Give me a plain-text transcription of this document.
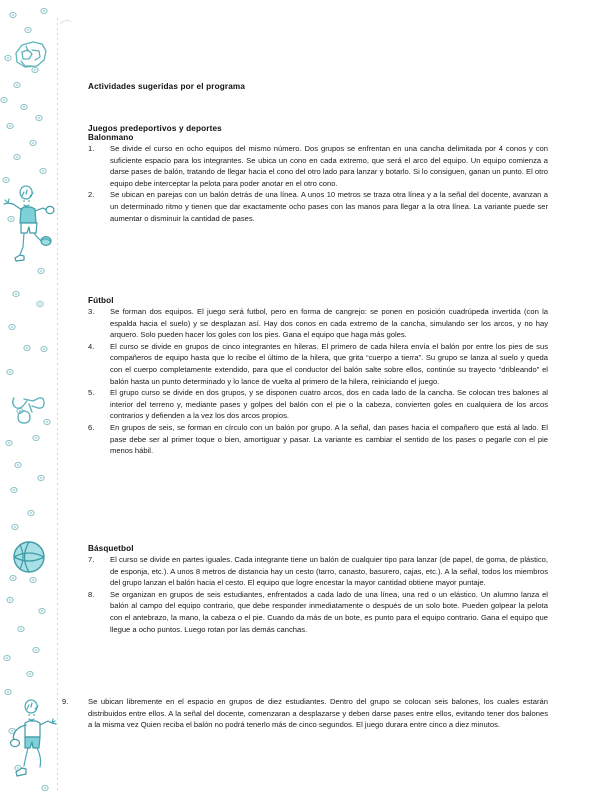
Actividades sugeridas por el programa
Juegos predeportivos y deportes
Balonmano
1.	Se divide el curso en ocho equipos del mismo número. Dos grupos se enfrentan en una cancha delimitada por 4 conos y con suficiente espacio para los integrantes. Se ubica un cono en cada extremo, que será el arco del equipo. Un equipo comienza a darse pases de balón, tratando de llegar hacia el cono del otro lado para lanzar y botarlo. Si lo consiguen, ganan un punto. El otro equipo debe interceptar la pelota para poder anotar en el otro cono.
2.	Se ubican en parejas con un balón detrás de una línea. A unos 10 metros se traza otra línea y a la señal del docente, avanzan a un determinado ritmo y tienen que dar exactamente ocho pases con las manos para llegar a la otra línea. La variante puede ser aumentar o disminuir la cantidad de pases.
Fútbol
3.	Se forman dos equipos. El juego será futbol, pero en forma de cangrejo: se ponen en posición cuadrúpeda invertida (con la espalda hacia el suelo) y se desplazan así. Hay dos conos en cada extremo de la cancha, simulando ser los arcos, y no hay arquero. Solo pueden hacer los goles con los pies. Gana el equipo que haga más goles.
4.	El curso se divide en grupos de cinco integrantes en hileras. El primero de cada hilera envía el balón por entre los pies de sus compañeros de equipo hasta que lo recibe el último de la hilera, que grita “cuerpo a tierra”. Su grupo se lanza al suelo y queda con el cuerpo completamente extendido, para que el conductor del balón salte sobre ellos, continúe su trayecto “dribleando” el balón hasta un punto determinado y lo lance de vuelta al primero de la hilera, reiniciando el juego.
5.	El grupo curso se divide en dos grupos, y se disponen cuatro arcos, dos en cada lado de la cancha. Se colocan tres balones al interior del terreno y, mediante pases y golpes del balón con el pie o la cabeza, convierten goles en cualquiera de los arcos contrarios y defienden a la vez los dos arcos propios.
6.	En grupos de seis, se forman en círculo con un balón por grupo. A la señal, dan pases hacia el compañero que está al lado. El pase debe ser al primer toque o bien, amortiguar y pasar. La variante es cambiar el sentido de los pases o pegarle con el pie menos hábil.
Básquetbol
7.	El curso se divide en partes iguales. Cada integrante tiene un balón de cualquier tipo para lanzar (de papel, de goma, de plástico, de esponja, etc.). A unos 8 metros de distancia hay un cesto (tarro, canasto, basurero, cajas, etc.). A la señal, todos los miembros del grupo lanzan el balón hacia el cesto. El equipo que logre encestar la mayor cantidad obtiene mayor puntaje.
8.	Se organizan en grupos de seis estudiantes, enfrentados a cada lado de una línea, una red o un elástico. Un alumno lanza el balón al campo del equipo contrario, que debe responder inmediatamente o después de un solo bote. Pueden golpear la pelota con el antebrazo, la mano, la cabeza o el pie. Cuando da más de un bote, es punto para el equipo contrario. Gana el equipo que llegue a ocho puntos. Luego rotan por las demás canchas.
9.	Se ubican libremente en el espacio en grupos de diez estudiantes. Dentro del grupo se colocan seis balones, los cuales estarán distribuidos entre ellos. A la señal del docente, comenzaran a desplazarse y deben darse pases entre ellos, evitando tener dos balones a la misma vez Quien reciba el balón no podrá tenerlo más de cinco segundos. El juego durara entre cinco a diez minutos.
